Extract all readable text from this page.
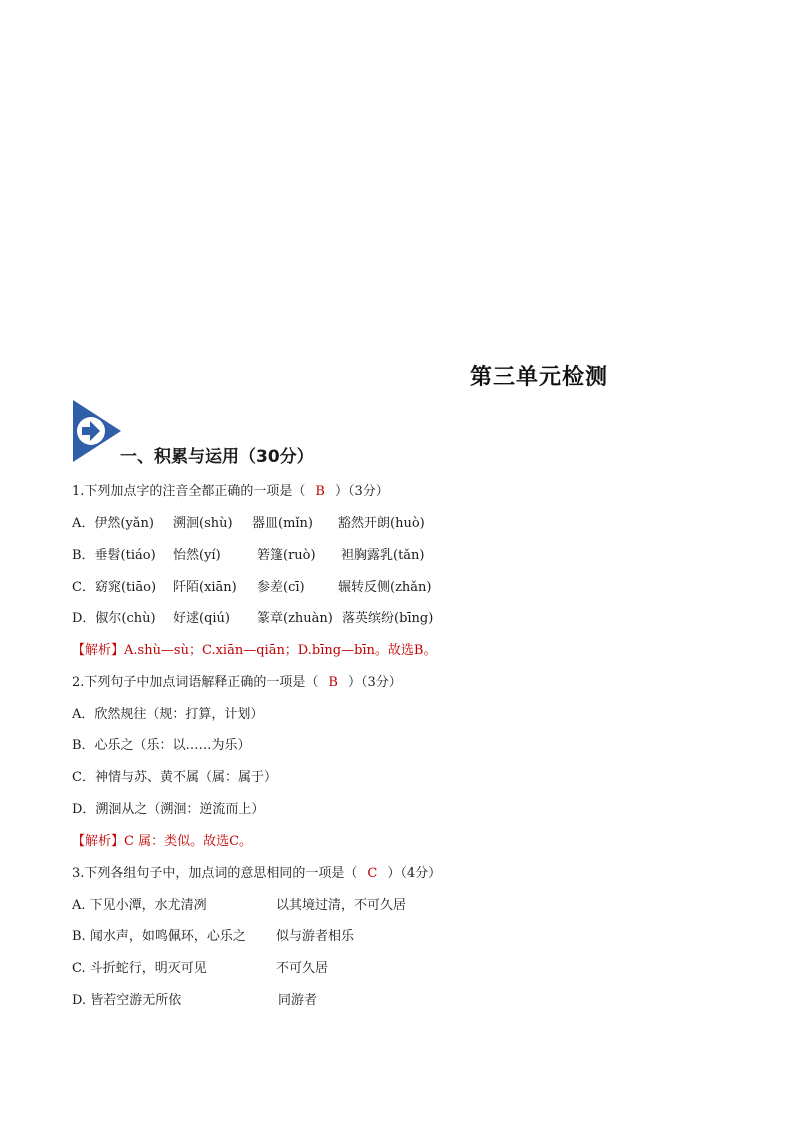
第三单元检测
一、积累与运用（30分）
1.下列加点字的注音全都正确的一项是（ B ）（3分）
A．伊然(yǎn) 溯洄(shù) 器皿(mǐn) 豁然开朗(huò)
B．垂髫(tiáo) 怡然(yí)	箬篷(ruò) 袒胸露乳(tǎn)
C．窈窕(tiāo) 阡陌(xiān) 参差(cī)	辗转反侧(zhǎn)
D．俶尔(chù) 好逑(qiú) 篆章(zhuàn) 落英缤纷(bīng)
【解析】A.shù—sù；C.xiān—qiān；D.bīng—bīn。故选B。
2.下列句子中加点词语解释正确的一项是（ B ）（3分）
A．欣然规往（规：打算，计划）
B．心乐之（乐：以……为乐）
C．神情与苏、黄不属（属：属于）
D．溯洄从之（溯洄：逆流而上）
【解析】C 属：类似。故选C。
3.下列各组句子中，加点词的意思相同的一项是（ C ）（4分）
A. 下见小潭，水尤清冽	以其境过清，不可久居
B. 闻水声，如鸣佩环，心乐之 似与游者相乐
C. 斗折蛇行，明灭可见	不可久居
D. 皆若空游无所依	同游者
